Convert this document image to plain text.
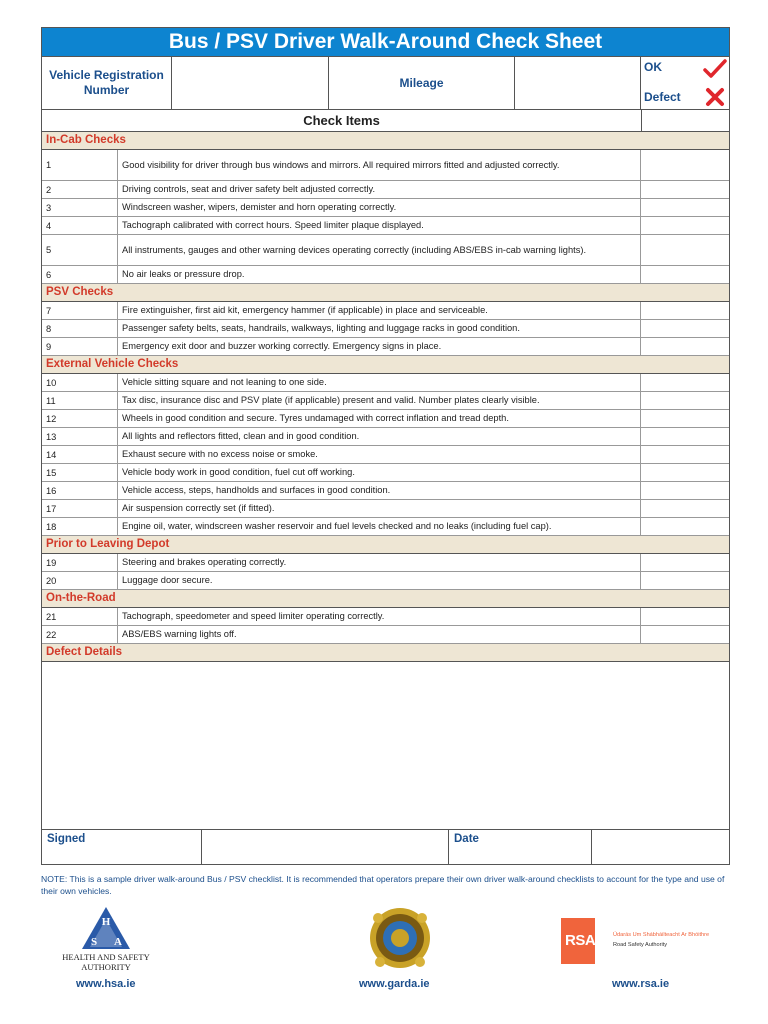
Bus / PSV Driver Walk-Around Check Sheet
Vehicle Registration Number	Mileage
OK
Defect
Check Items
In-Cab Checks
1	Good visibility for driver through bus windows and mirrors. All required mirrors fitted and adjusted correctly.
2	Driving controls, seat and driver safety belt adjusted correctly.
3	Windscreen washer, wipers, demister and horn operating correctly.
4	Tachograph calibrated with correct hours. Speed limiter plaque displayed.
5	All instruments, gauges and other warning devices operating correctly (including ABS/EBS in-cab warning lights).
6	No air leaks or pressure drop.
PSV Checks
7	Fire extinguisher, first aid kit, emergency hammer (if applicable) in place and serviceable.
8	Passenger safety belts, seats, handrails, walkways, lighting and luggage racks in good condition.
9	Emergency exit door and buzzer working correctly. Emergency signs in place.
External Vehicle Checks
10	Vehicle sitting square and not leaning to one side.
11	Tax disc, insurance disc and PSV plate (if applicable) present and valid. Number plates clearly visible.
12	Wheels in good condition and secure. Tyres undamaged with correct inflation and tread depth.
13	All lights and reflectors fitted, clean and in good condition.
14	Exhaust secure with no excess noise or smoke.
15	Vehicle body work in good condition, fuel cut off working.
16	Vehicle access, steps, handholds and surfaces in good condition.
17	Air suspension correctly set (if fitted).
18	Engine oil, water, windscreen washer reservoir and fuel levels checked and no leaks (including fuel cap).
Prior to Leaving Depot
19	Steering and brakes operating correctly.
20	Luggage door secure.
On-the-Road
21	Tachograph, speedometer and speed limiter operating correctly.
22	ABS/EBS warning lights off.
Defect Details
Signed	Date
NOTE: This is a sample driver walk-around Bus / PSV checklist. It is recommended that operators prepare their own driver walk-around checklists to account for the type and use of their own vehicles.
H
S A
HEALTH AND SAFETY
AUTHORITY
www.hsa.ie	www.garda.ie
RSA	Údarás Um Shábháilteacht Ar Bhóithre
Road Safety Authority
www.rsa.ie
